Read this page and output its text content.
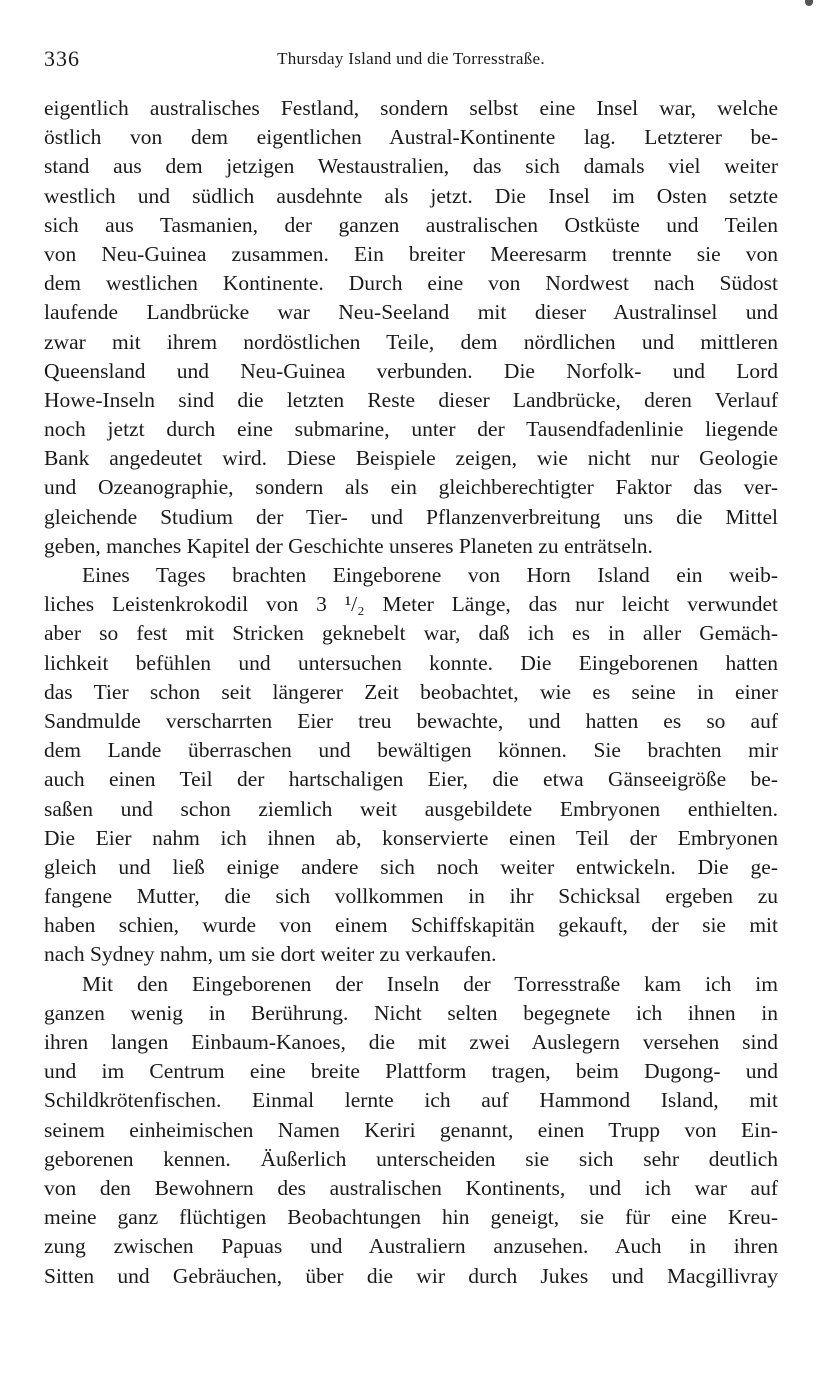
336	Thursday Island und die Torresstraße.
eigentlich australisches Festland, sondern selbst eine Insel war, welche
östlich von dem eigentlichen Austral-Kontinente lag. Letzterer be-
stand aus dem jetzigen Westaustralien, das sich damals viel weiter
westlich und südlich ausdehnte als jetzt. Die Insel im Osten setzte
sich aus Tasmanien, der ganzen australischen Ostküste und Teilen
von Neu-Guinea zusammen. Ein breiter Meeresarm trennte sie von
dem westlichen Kontinente. Durch eine von Nordwest nach Südost
laufende Landbrücke war Neu-Seeland mit dieser Australinsel und
zwar mit ihrem nordöstlichen Teile, dem nördlichen und mittleren
Queensland und Neu-Guinea verbunden. Die Norfolk- und Lord
Howe-Inseln sind die letzten Reste dieser Landbrücke, deren Verlauf
noch jetzt durch eine submarine, unter der Tausendfadenlinie liegende
Bank angedeutet wird. Diese Beispiele zeigen, wie nicht nur Geologie
und Ozeanographie, sondern als ein gleichberechtigter Faktor das ver-
gleichende Studium der Tier- und Pflanzenverbreitung uns die Mittel
geben, manches Kapitel der Geschichte unseres Planeten zu enträtseln.
Eines Tages brachten Eingeborene von Horn Island ein weib-
liches Leistenkrokodil von 3 ¹/₂ Meter Länge, das nur leicht verwundet
aber so fest mit Stricken geknebelt war, daß ich es in aller Gemäch-
lichkeit befühlen und untersuchen konnte. Die Eingeborenen hatten
das Tier schon seit längerer Zeit beobachtet, wie es seine in einer
Sandmulde verscharrten Eier treu bewachte, und hatten es so auf
dem Lande überraschen und bewältigen können. Sie brachten mir
auch einen Teil der hartschaligen Eier, die etwa Gänseeigröße be-
saßen und schon ziemlich weit ausgebildete Embryonen enthielten.
Die Eier nahm ich ihnen ab, konservierte einen Teil der Embryonen
gleich und ließ einige andere sich noch weiter entwickeln. Die ge-
fangene Mutter, die sich vollkommen in ihr Schicksal ergeben zu
haben schien, wurde von einem Schiffskapitän gekauft, der sie mit
nach Sydney nahm, um sie dort weiter zu verkaufen.
Mit den Eingeborenen der Inseln der Torresstraße kam ich im
ganzen wenig in Berührung. Nicht selten begegnete ich ihnen in
ihren langen Einbaum-Kanoes, die mit zwei Auslegern versehen sind
und im Centrum eine breite Plattform tragen, beim Dugong- und
Schildkrötenfischen. Einmal lernte ich auf Hammond Island, mit
seinem einheimischen Namen Keriri genannt, einen Trupp von Ein-
geborenen kennen. Äußerlich unterscheiden sie sich sehr deutlich
von den Bewohnern des australischen Kontinents, und ich war auf
meine ganz flüchtigen Beobachtungen hin geneigt, sie für eine Kreu-
zung zwischen Papuas und Australiern anzusehen. Auch in ihren
Sitten und Gebräuchen, über die wir durch Jukes und Macgillivray
